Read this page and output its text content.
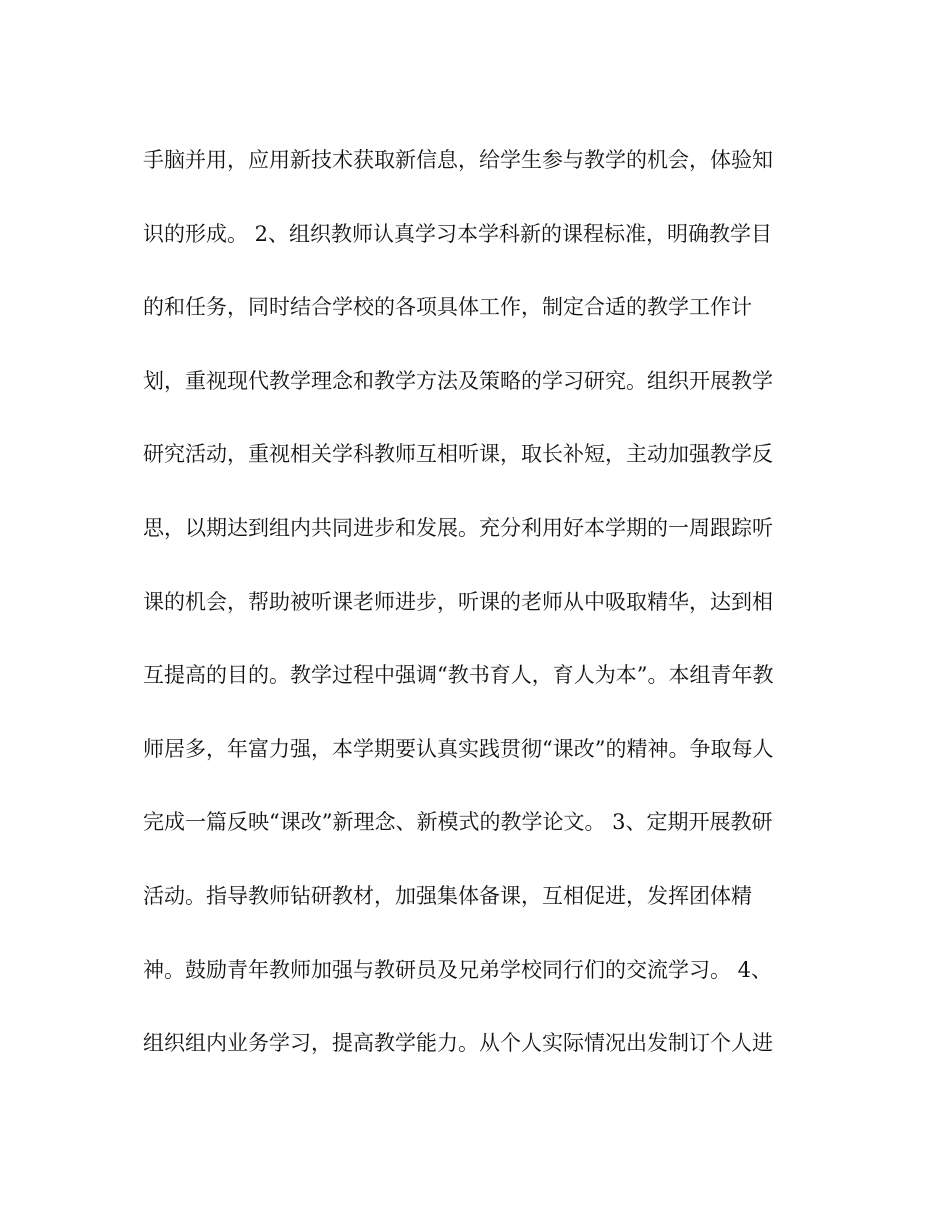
手脑并用，应用新技术获取新信息，给学生参与教学的机会，体验知
识的形成。 2、组织教师认真学习本学科新的课程标准，明确教学目
的和任务，同时结合学校的各项具体工作，制定合适的教学工作计
划，重视现代教学理念和教学方法及策略的学习研究。组织开展教学
研究活动，重视相关学科教师互相听课，取长补短，主动加强教学反
思，以期达到组内共同进步和发展。充分利用好本学期的一周跟踪听
课的机会，帮助被听课老师进步，听课的老师从中吸取精华，达到相
互提高的目的。教学过程中强调“教书育人，育人为本”。本组青年教
师居多，年富力强，本学期要认真实践贯彻“课改”的精神。争取每人
完成一篇反映“课改”新理念、新模式的教学论文。 3、定期开展教研
活动。指导教师钻研教材，加强集体备课，互相促进，发挥团体精
神。鼓励青年教师加强与教研员及兄弟学校同行们的交流学习。 4、
组织组内业务学习，提高教学能力。从个人实际情况出发制订个人进
